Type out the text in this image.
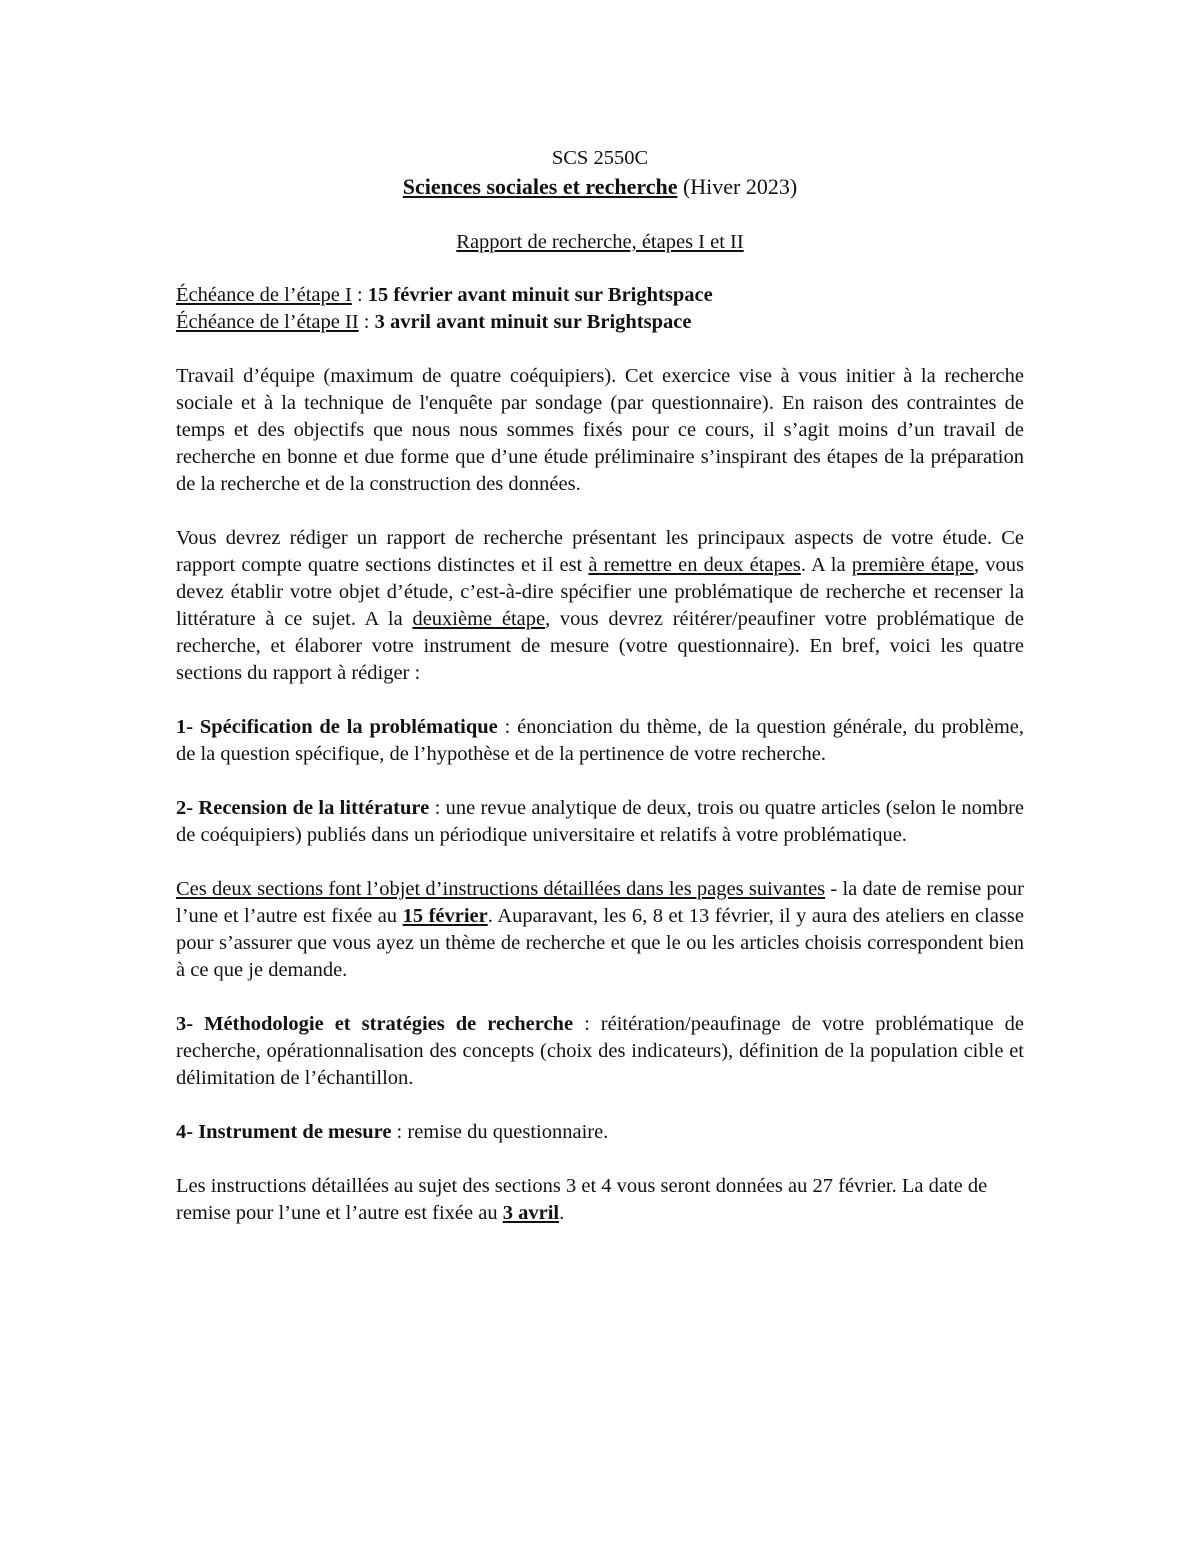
SCS 2550C
Sciences sociales et recherche (Hiver 2023)
Rapport de recherche, étapes I et II
Échéance de l’étape I : 15 février avant minuit sur Brightspace
Échéance de l’étape II : 3 avril avant minuit sur Brightspace

Travail d’équipe (maximum de quatre coéquipiers). Cet exercice vise à vous initier à la recherche sociale et à la technique de l'enquête par sondage (par questionnaire). En raison des contraintes de temps et des objectifs que nous nous sommes fixés pour ce cours, il s’agit moins d’un travail de recherche en bonne et due forme que d’une étude préliminaire s’inspirant des étapes de la préparation de la recherche et de la construction des données.

Vous devrez rédiger un rapport de recherche présentant les principaux aspects de votre étude. Ce rapport compte quatre sections distinctes et il est à remettre en deux étapes. A la première étape, vous devez établir votre objet d’étude, c’est-à-dire spécifier une problématique de recherche et recenser la littérature à ce sujet. A la deuxième étape, vous devrez réitérer/peaufiner votre problématique de recherche, et élaborer votre instrument de mesure (votre questionnaire). En bref, voici les quatre sections du rapport à rédiger :

1- Spécification de la problématique : énonciation du thème, de la question générale, du problème, de la question spécifique, de l’hypothèse et de la pertinence de votre recherche.

2- Recension de la littérature : une revue analytique de deux, trois ou quatre articles (selon le nombre de coéquipiers) publiés dans un périodique universitaire et relatifs à votre problématique.

Ces deux sections font l’objet d’instructions détaillées dans les pages suivantes - la date de remise pour l’une et l’autre est fixée au 15 février. Auparavant, les 6, 8 et 13 février, il y aura des ateliers en classe pour s’assurer que vous ayez un thème de recherche et que le ou les articles choisis correspondent bien à ce que je demande.

3- Méthodologie et stratégies de recherche : réitération/peaufinage de votre problématique de recherche, opérationnalisation des concepts (choix des indicateurs), définition de la population cible et délimitation de l’échantillon.

4- Instrument de mesure : remise du questionnaire.

Les instructions détaillées au sujet des sections 3 et 4 vous seront données au 27 février. La date de remise pour l’une et l’autre est fixée au 3 avril.
